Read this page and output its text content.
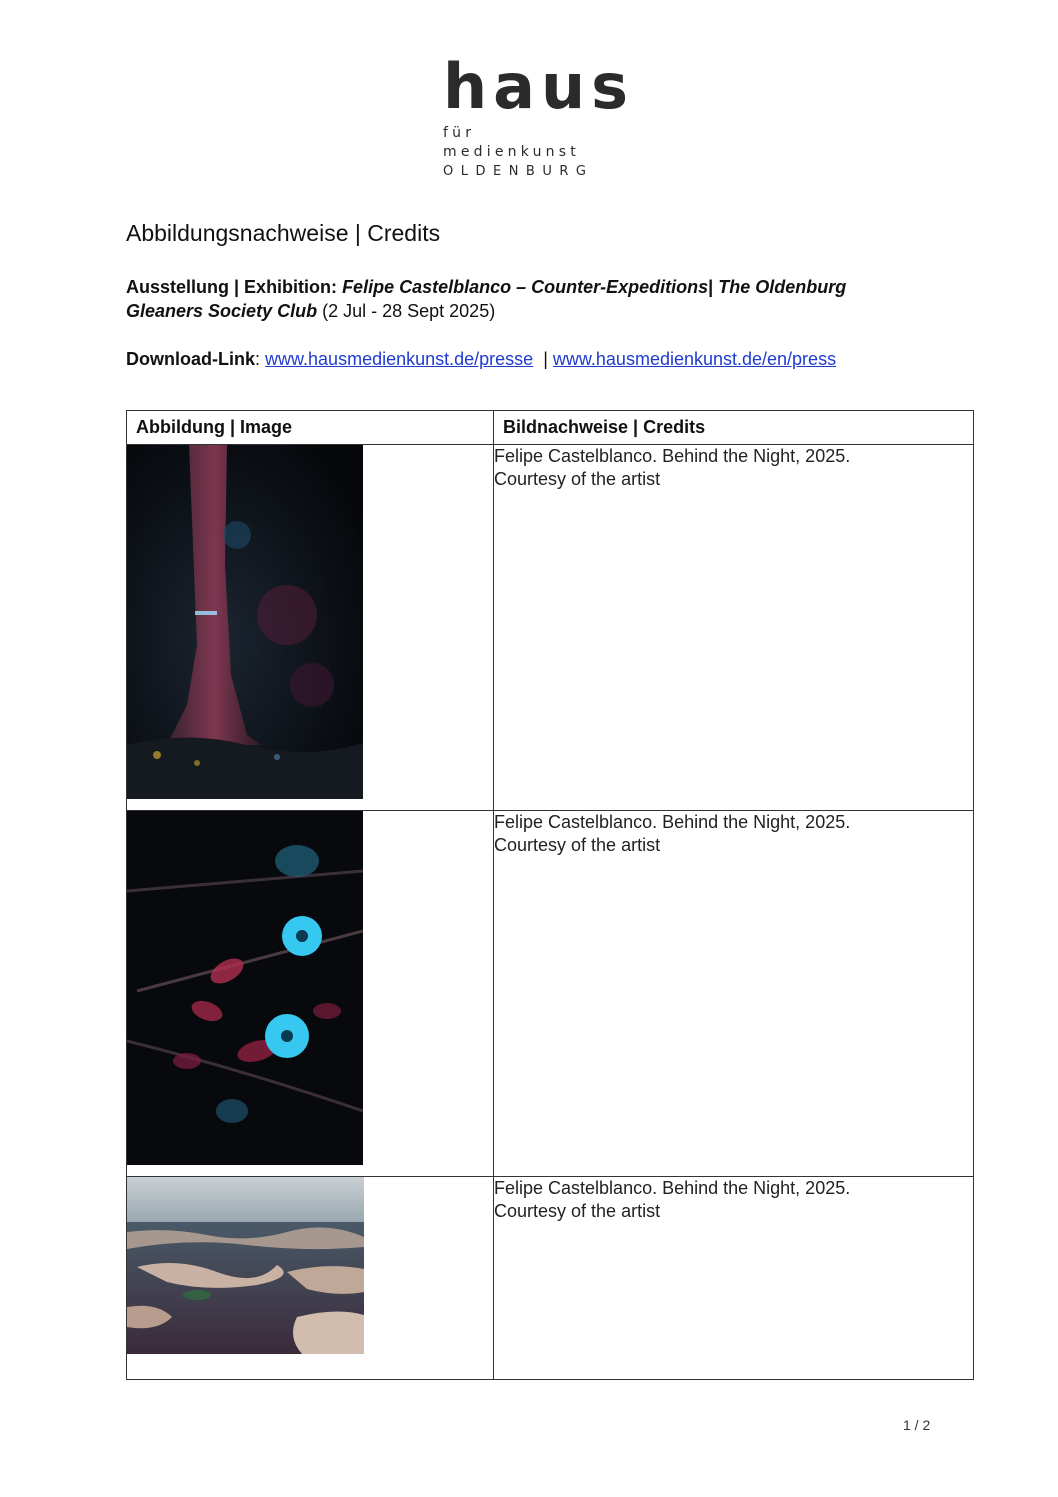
haus
für medienkunst
OLDENBURG
Abbildungsnachweise | Credits
Ausstellung | Exhibition: Felipe Castelblanco – Counter-Expeditions| The Oldenburg Gleaners Society Club (2 Jul - 28 Sept 2025)
Download-Link: www.hausmedienkunst.de/presse | www.hausmedienkunst.de/en/press
Abbildung | Image	Bildnachweise | Credits

Felipe Castelblanco. Behind the Night, 2025.
Courtesy of the artist

Felipe Castelblanco. Behind the Night, 2025.
Courtesy of the artist

Felipe Castelblanco. Behind the Night, 2025.
Courtesy of the artist
1 / 2
